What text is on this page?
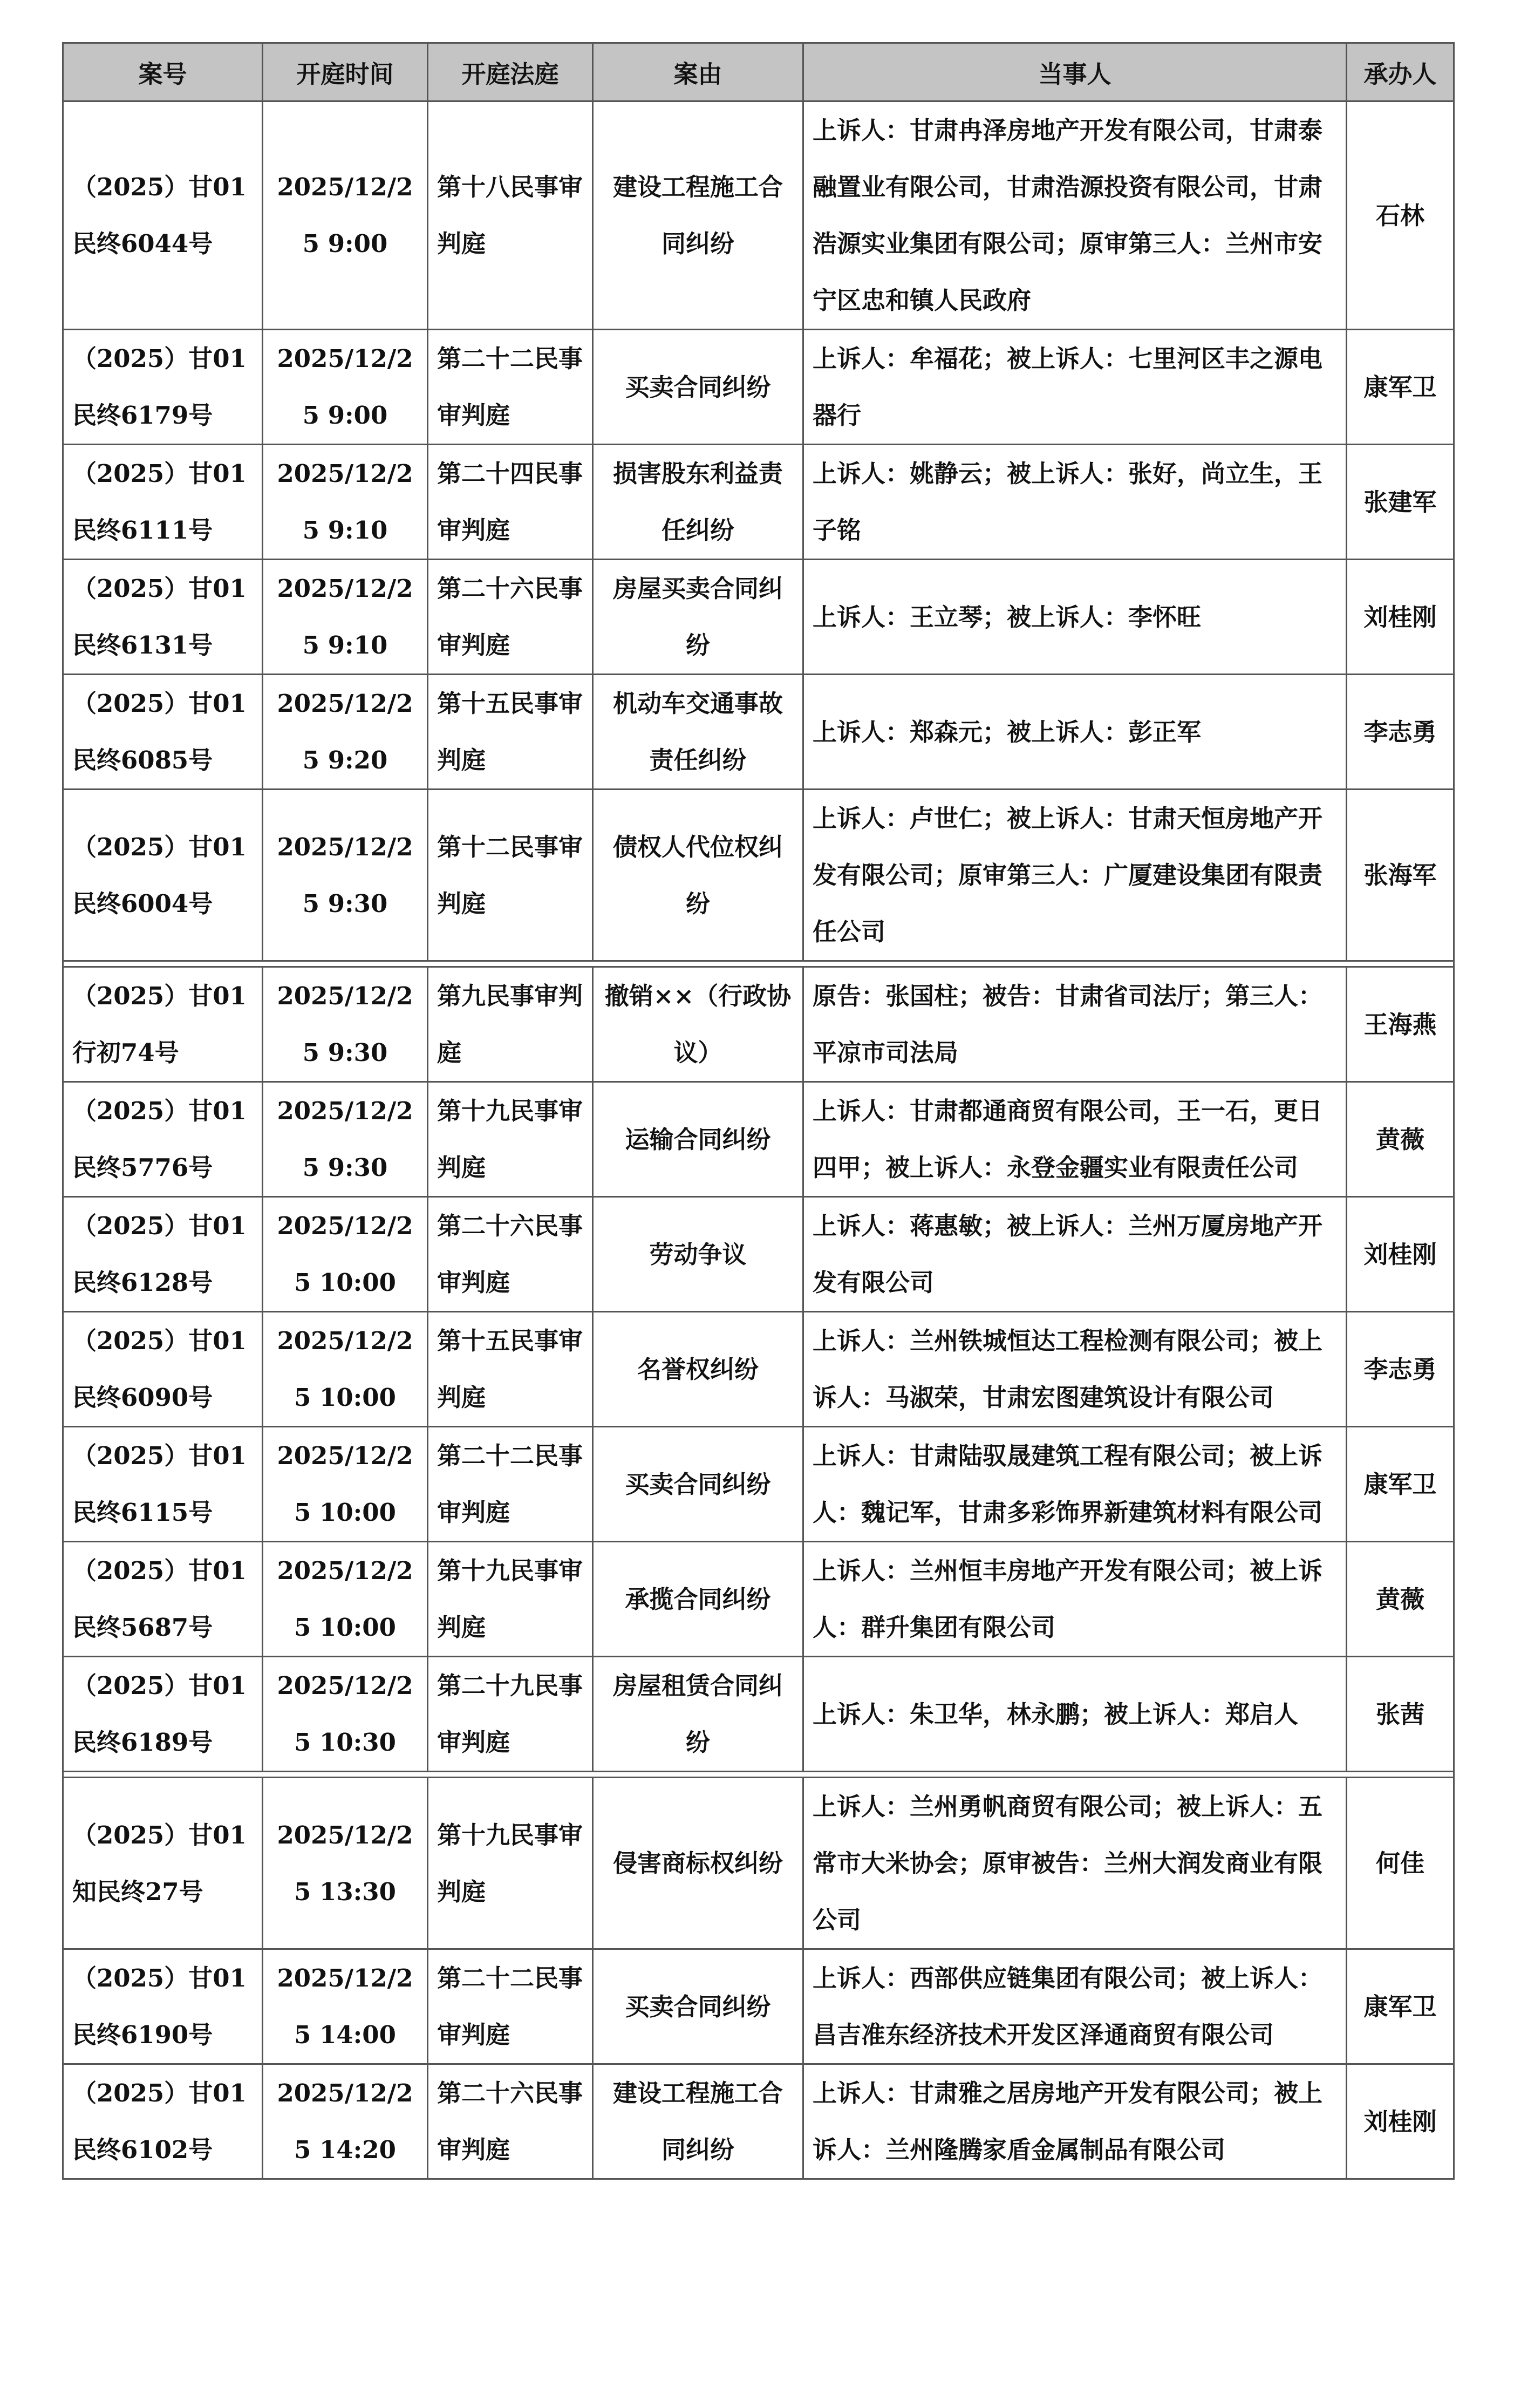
案号	开庭时间	开庭法庭	案由	当事人	承办人
（2025）甘01民终6044号	2025/12/25 9:00	第十八民事审判庭	建设工程施工合同纠纷	上诉人：甘肃冉泽房地产开发有限公司，甘肃泰融置业有限公司，甘肃浩源投资有限公司，甘肃浩源实业集团有限公司；原审第三人：兰州市安宁区忠和镇人民政府	石林
（2025）甘01民终6179号	2025/12/25 9:00	第二十二民事审判庭	买卖合同纠纷	上诉人：牟福花；被上诉人：七里河区丰之源电器行	康军卫
（2025）甘01民终6111号	2025/12/25 9:10	第二十四民事审判庭	损害股东利益责任纠纷	上诉人：姚静云；被上诉人：张好，尚立生，王子铭	张建军
（2025）甘01民终6131号	2025/12/25 9:10	第二十六民事审判庭	房屋买卖合同纠纷	上诉人：王立琴；被上诉人：李怀旺	刘桂刚
（2025）甘01民终6085号	2025/12/25 9:20	第十五民事审判庭	机动车交通事故责任纠纷	上诉人：郑森元；被上诉人：彭正军	李志勇
（2025）甘01民终6004号	2025/12/25 9:30	第十二民事审判庭	债权人代位权纠纷	上诉人：卢世仁；被上诉人：甘肃天恒房地产开发有限公司；原审第三人：广厦建设集团有限责任公司	张海军

（2025）甘01行初74号	2025/12/25 9:30	第九民事审判庭	撤销××（行政协议）	原告：张国柱；被告：甘肃省司法厅；第三人：平凉市司法局	王海燕
（2025）甘01民终5776号	2025/12/25 9:30	第十九民事审判庭	运输合同纠纷	上诉人：甘肃都通商贸有限公司，王一石，更日四甲；被上诉人：永登金疆实业有限责任公司	黄薇
（2025）甘01民终6128号	2025/12/25 10:00	第二十六民事审判庭	劳动争议	上诉人：蒋惠敏；被上诉人：兰州万厦房地产开发有限公司	刘桂刚
（2025）甘01民终6090号	2025/12/25 10:00	第十五民事审判庭	名誉权纠纷	上诉人：兰州铁城恒达工程检测有限公司；被上诉人：马淑荣，甘肃宏图建筑设计有限公司	李志勇
（2025）甘01民终6115号	2025/12/25 10:00	第二十二民事审判庭	买卖合同纠纷	上诉人：甘肃陆驭晟建筑工程有限公司；被上诉人：魏记军，甘肃多彩饰界新建筑材料有限公司	康军卫
（2025）甘01民终5687号	2025/12/25 10:00	第十九民事审判庭	承揽合同纠纷	上诉人：兰州恒丰房地产开发有限公司；被上诉人：群升集团有限公司	黄薇
（2025）甘01民终6189号	2025/12/25 10:30	第二十九民事审判庭	房屋租赁合同纠纷	上诉人：朱卫华，林永鹏；被上诉人：郑启人	张茜

（2025）甘01知民终27号	2025/12/25 13:30	第十九民事审判庭	侵害商标权纠纷	上诉人：兰州勇帆商贸有限公司；被上诉人：五常市大米协会；原审被告：兰州大润发商业有限公司	何佳
（2025）甘01民终6190号	2025/12/25 14:00	第二十二民事审判庭	买卖合同纠纷	上诉人：西部供应链集团有限公司；被上诉人：昌吉准东经济技术开发区泽通商贸有限公司	康军卫
（2025）甘01民终6102号	2025/12/25 14:20	第二十六民事审判庭	建设工程施工合同纠纷	上诉人：甘肃雅之居房地产开发有限公司；被上诉人：兰州隆腾家盾金属制品有限公司	刘桂刚
